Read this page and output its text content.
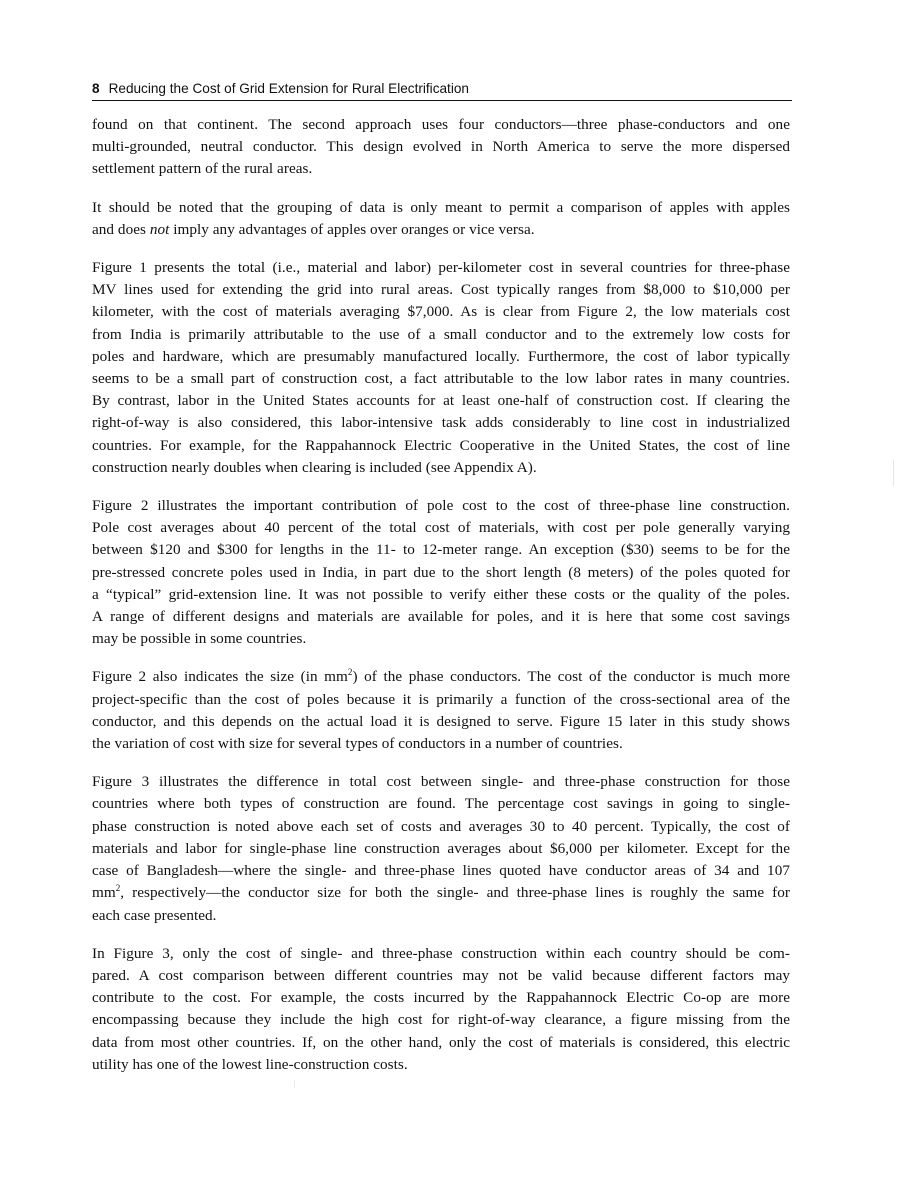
8 Reducing the Cost of Grid Extension for Rural Electrification

found on that continent. The second approach uses four conductors—three phase-conductors and one
multi-grounded, neutral conductor. This design evolved in North America to serve the more dispersed
settlement pattern of the rural areas.

It should be noted that the grouping of data is only meant to permit a comparison of apples with apples
and does not imply any advantages of apples over oranges or vice versa.

Figure 1 presents the total (i.e., material and labor) per-kilometer cost in several countries for three-phase
MV lines used for extending the grid into rural areas. Cost typically ranges from $8,000 to $10,000 per
kilometer, with the cost of materials averaging $7,000. As is clear from Figure 2, the low materials cost
from India is primarily attributable to the use of a small conductor and to the extremely low costs for
poles and hardware, which are presumably manufactured locally. Furthermore, the cost of labor typically
seems to be a small part of construction cost, a fact attributable to the low labor rates in many countries.
By contrast, labor in the United States accounts for at least one-half of construction cost. If clearing the
right-of-way is also considered, this labor-intensive task adds considerably to line cost in industrialized
countries. For example, for the Rappahannock Electric Cooperative in the United States, the cost of line
construction nearly doubles when clearing is included (see Appendix A).

Figure 2 illustrates the important contribution of pole cost to the cost of three-phase line construction.
Pole cost averages about 40 percent of the total cost of materials, with cost per pole generally varying
between $120 and $300 for lengths in the 11- to 12-meter range. An exception ($30) seems to be for the
pre-stressed concrete poles used in India, in part due to the short length (8 meters) of the poles quoted for
a “typical” grid-extension line. It was not possible to verify either these costs or the quality of the poles.
A range of different designs and materials are available for poles, and it is here that some cost savings
may be possible in some countries.

Figure 2 also indicates the size (in $mm^2$) of the phase conductors. The cost of the conductor is much more
project-specific than the cost of poles because it is primarily a function of the cross-sectional area of the
conductor, and this depends on the actual load it is designed to serve. Figure 15 later in this study shows
the variation of cost with size for several types of conductors in a number of countries.

Figure 3 illustrates the difference in total cost between single- and three-phase construction for those
countries where both types of construction are found. The percentage cost savings in going to single-
phase construction is noted above each set of costs and averages 30 to 40 percent. Typically, the cost of
materials and labor for single-phase line construction averages about $6,000 per kilometer. Except for the
case of Bangladesh—where the single- and three-phase lines quoted have conductor areas of 34 and 107
$mm^2$, respectively—the conductor size for both the single- and three-phase lines is roughly the same for
each case presented.

In Figure 3, only the cost of single- and three-phase construction within each country should be com-
pared. A cost comparison between different countries may not be valid because different factors may
contribute to the cost. For example, the costs incurred by the Rappahannock Electric Co-op are more
encompassing because they include the high cost for right-of-way clearance, a figure missing from the
data from most other countries. If, on the other hand, only the cost of materials is considered, this electric
utility has one of the lowest line-construction costs.
